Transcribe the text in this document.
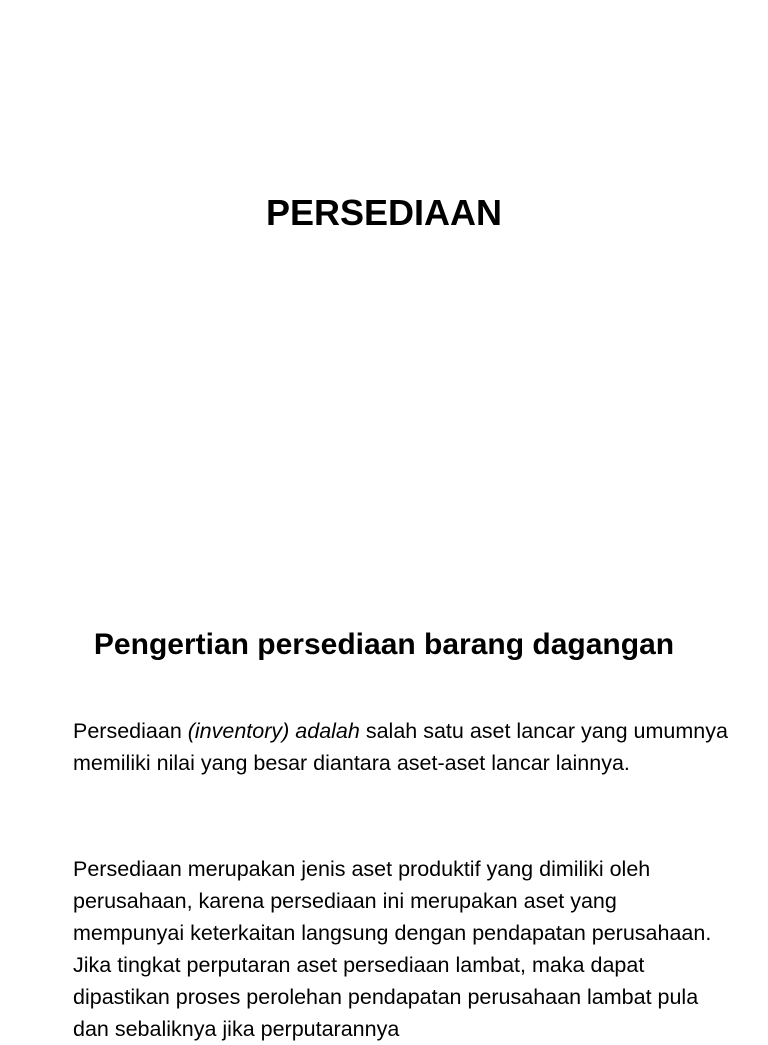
PERSEDIAAN
Pengertian persediaan barang dagangan

Persediaan (inventory) adalah salah satu aset lancar yang umumnya memiliki nilai yang besar diantara aset-aset lancar lainnya.

Persediaan merupakan jenis aset produktif yang dimiliki oleh perusahaan, karena persediaan ini merupakan aset yang mempunyai keterkaitan langsung dengan pendapatan perusahaan. Jika tingkat perputaran aset persediaan lambat, maka dapat dipastikan proses perolehan pendapatan perusahaan lambat pula dan sebaliknya jika perputarannya
